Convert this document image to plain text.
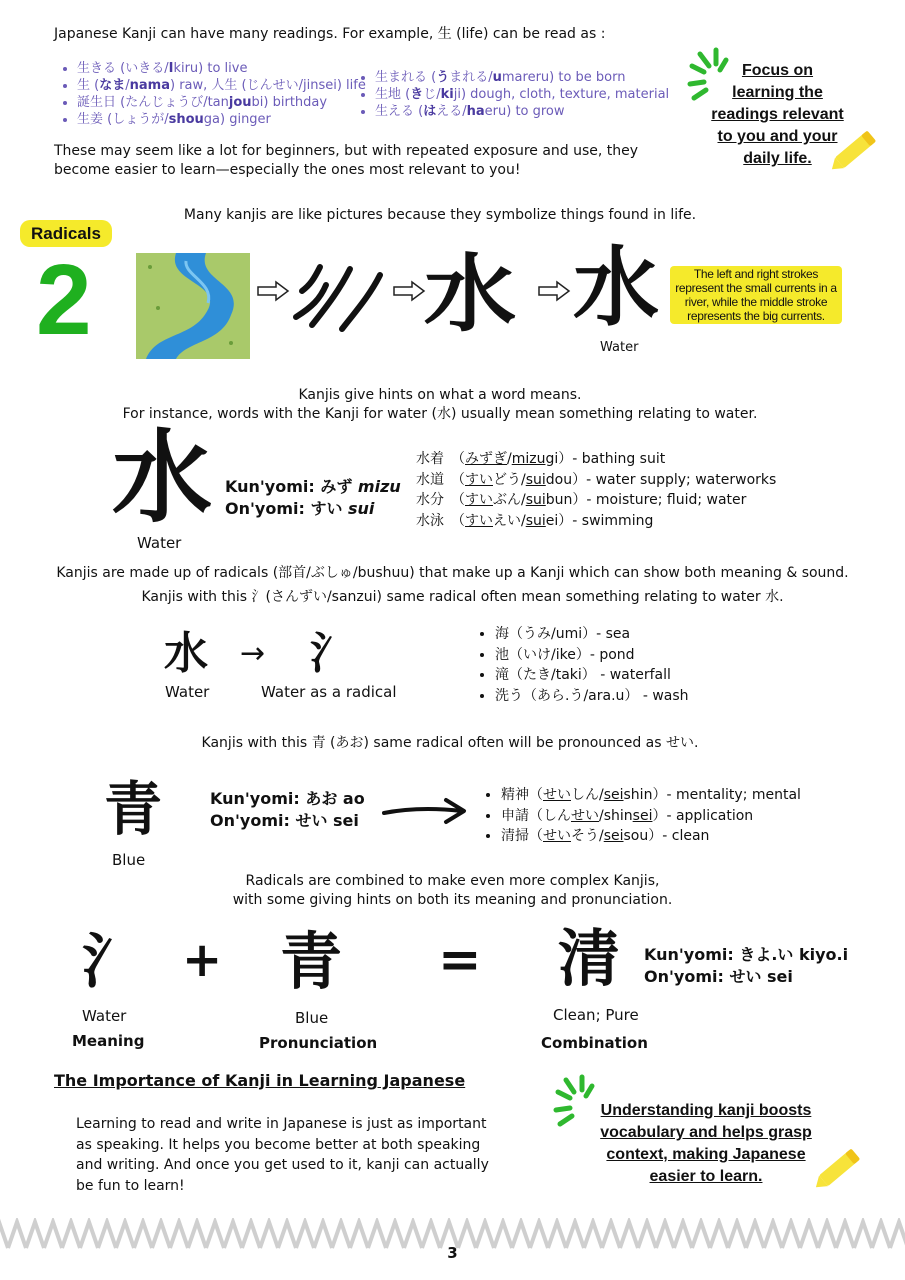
Japanese Kanji can have many readings. For example, 生 (life) can be read as :
• 生きる (いきる/Ikiru) to live
• 生 (なま/nama) raw, 人生 (じんせい/jinsei) life
• 誕生日 (たんじょうび/tanjoubi) birthday
• 生姜 (しょうが/shouga) ginger
• 生まれる (うまれる/umareru) to be born
• 生地 (きじ/kiji) dough, cloth, texture, material
• 生える (はえる/haeru) to grow
These may seem like a lot for beginners, but with repeated exposure and use, they
become easier to learn—especially the ones most relevant to you!
Focus on
learning the
readings relevant
to you and your
daily life.
Many kanjis are like pictures because they symbolize things found in life.
Radicals
2	水 水
Water
The left and right strokes represent the small currents in a river, while the middle stroke represents the big currents.
Kanjis give hints on what a word means.
For instance, words with the Kanji for water (水) usually mean something relating to water.
水
Water
Kun'yomi: みず mizu
On'yomi: すい sui
水着　（みずぎ/mizugi）- bathing suit
水道　（すいどう/suidou）- water supply; waterworks
水分　（すいぶん/suibun）- moisture; fluid; water
水泳　（すいえい/suiei）- swimming
Kanjis are made up of radicals (部首/ぶしゅ/bushuu) that make up a Kanji which can show both meaning & sound.
Kanjis with this 氵(さんずい/sanzui) same radical often mean something relating to water 水.
水 → 氵
Water	Water as a radical
• 海（うみ/umi）- sea
• 池（いけ/ike）- pond
• 滝（たき/taki） - waterfall
• 洗う（あら.う/ara.u） - wash
Kanjis with this 青 (あお) same radical often will be pronounced as せい.
青
Blue
Kun'yomi: あお ao
On'yomi: せい sei
• 精神（せいしん/seishin）- mentality; mental
• 申請（しんせい/shinsei）- application
• 清掃（せいそう/seisou）- clean
Radicals are combined to make even more complex Kanjis,
with some giving hints on both its meaning and pronunciation.
氵 + 青 = 清 Kun'yomi: きよ.い kiyo.i
On'yomi: せい sei
Water
Meaning
Blue
Pronunciation
Clean; Pure
Combination
The Importance of Kanji in Learning Japanese
Learning to read and write in Japanese is just as important
as speaking. It helps you become better at both speaking
and writing. And once you get used to it, kanji can actually
be fun to learn!
Understanding kanji boosts
vocabulary and helps grasp
context, making Japanese
easier to learn.
3
